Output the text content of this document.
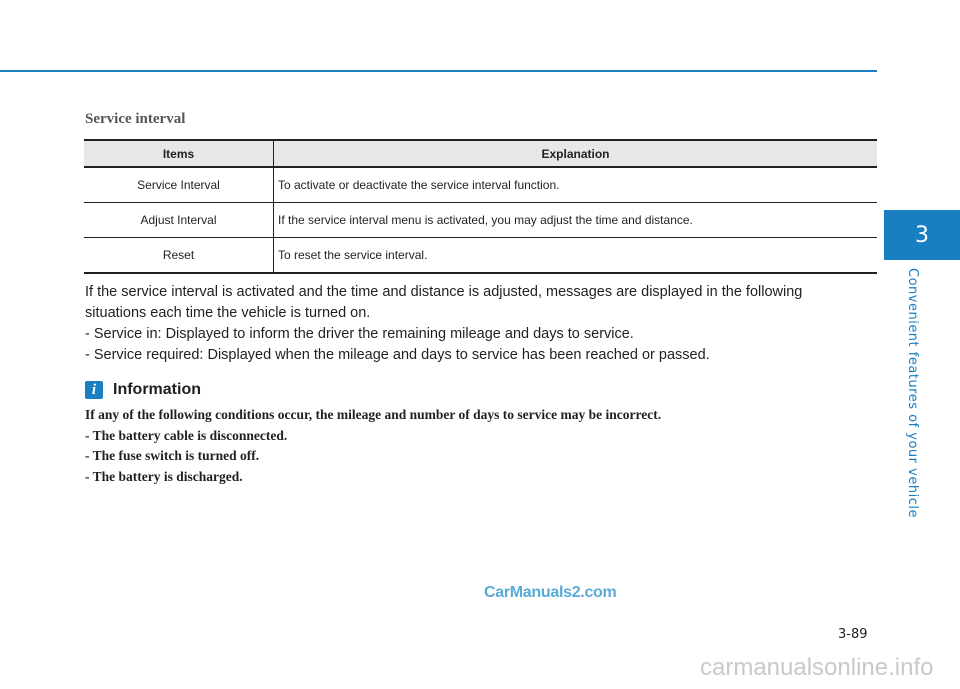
3
Convenient features of your vehicle
Service interval
Items	Explanation
Service Interval	To activate or deactivate the service interval function.
Adjust Interval	If the service interval menu is activated, you may adjust the time and distance.
Reset	To reset the service interval.

If the service interval is activated and the time and distance is adjusted, messages are displayed in the following

situations each time the vehicle is turned on.

- Service in: Displayed to inform the driver the remaining mileage and days to service.

- Service required: Displayed when the mileage and days to service has been reached or passed.

i	Information

If any of the following conditions occur, the mileage and number of days to service may be incorrect.

- The battery cable is disconnected.

- The fuse switch is turned off.

- The battery is discharged.

CarManuals2.com
3-89
carmanualsonline.info
